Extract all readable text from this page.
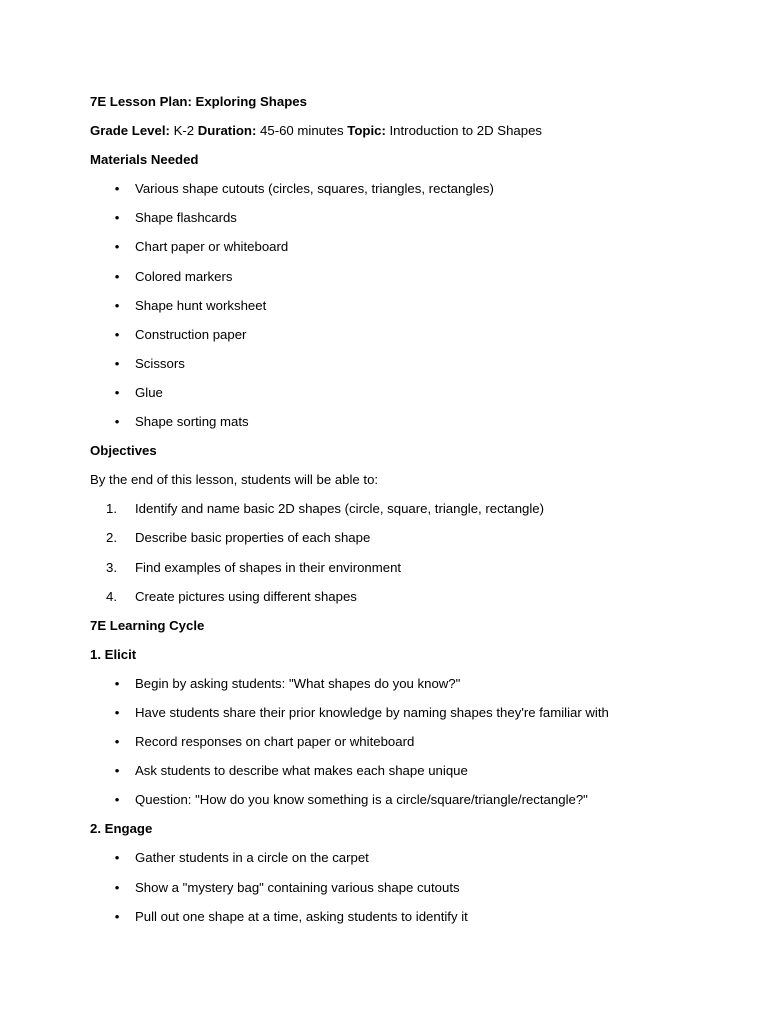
7E Lesson Plan: Exploring Shapes
Grade Level: K-2 Duration: 45-60 minutes Topic: Introduction to 2D Shapes
Materials Needed
• Various shape cutouts (circles, squares, triangles, rectangles)
• Shape flashcards
• Chart paper or whiteboard
• Colored markers
• Shape hunt worksheet
• Construction paper
• Scissors
• Glue
• Shape sorting mats
Objectives
By the end of this lesson, students will be able to:
1.	Identify and name basic 2D shapes (circle, square, triangle, rectangle)
2.	Describe basic properties of each shape
3.	Find examples of shapes in their environment
4.	Create pictures using different shapes
7E Learning Cycle
1. Elicit
• Begin by asking students: "What shapes do you know?"
• Have students share their prior knowledge by naming shapes they're familiar with
• Record responses on chart paper or whiteboard
• Ask students to describe what makes each shape unique
• Question: "How do you know something is a circle/square/triangle/rectangle?"
2. Engage
• Gather students in a circle on the carpet
• Show a "mystery bag" containing various shape cutouts
• Pull out one shape at a time, asking students to identify it
